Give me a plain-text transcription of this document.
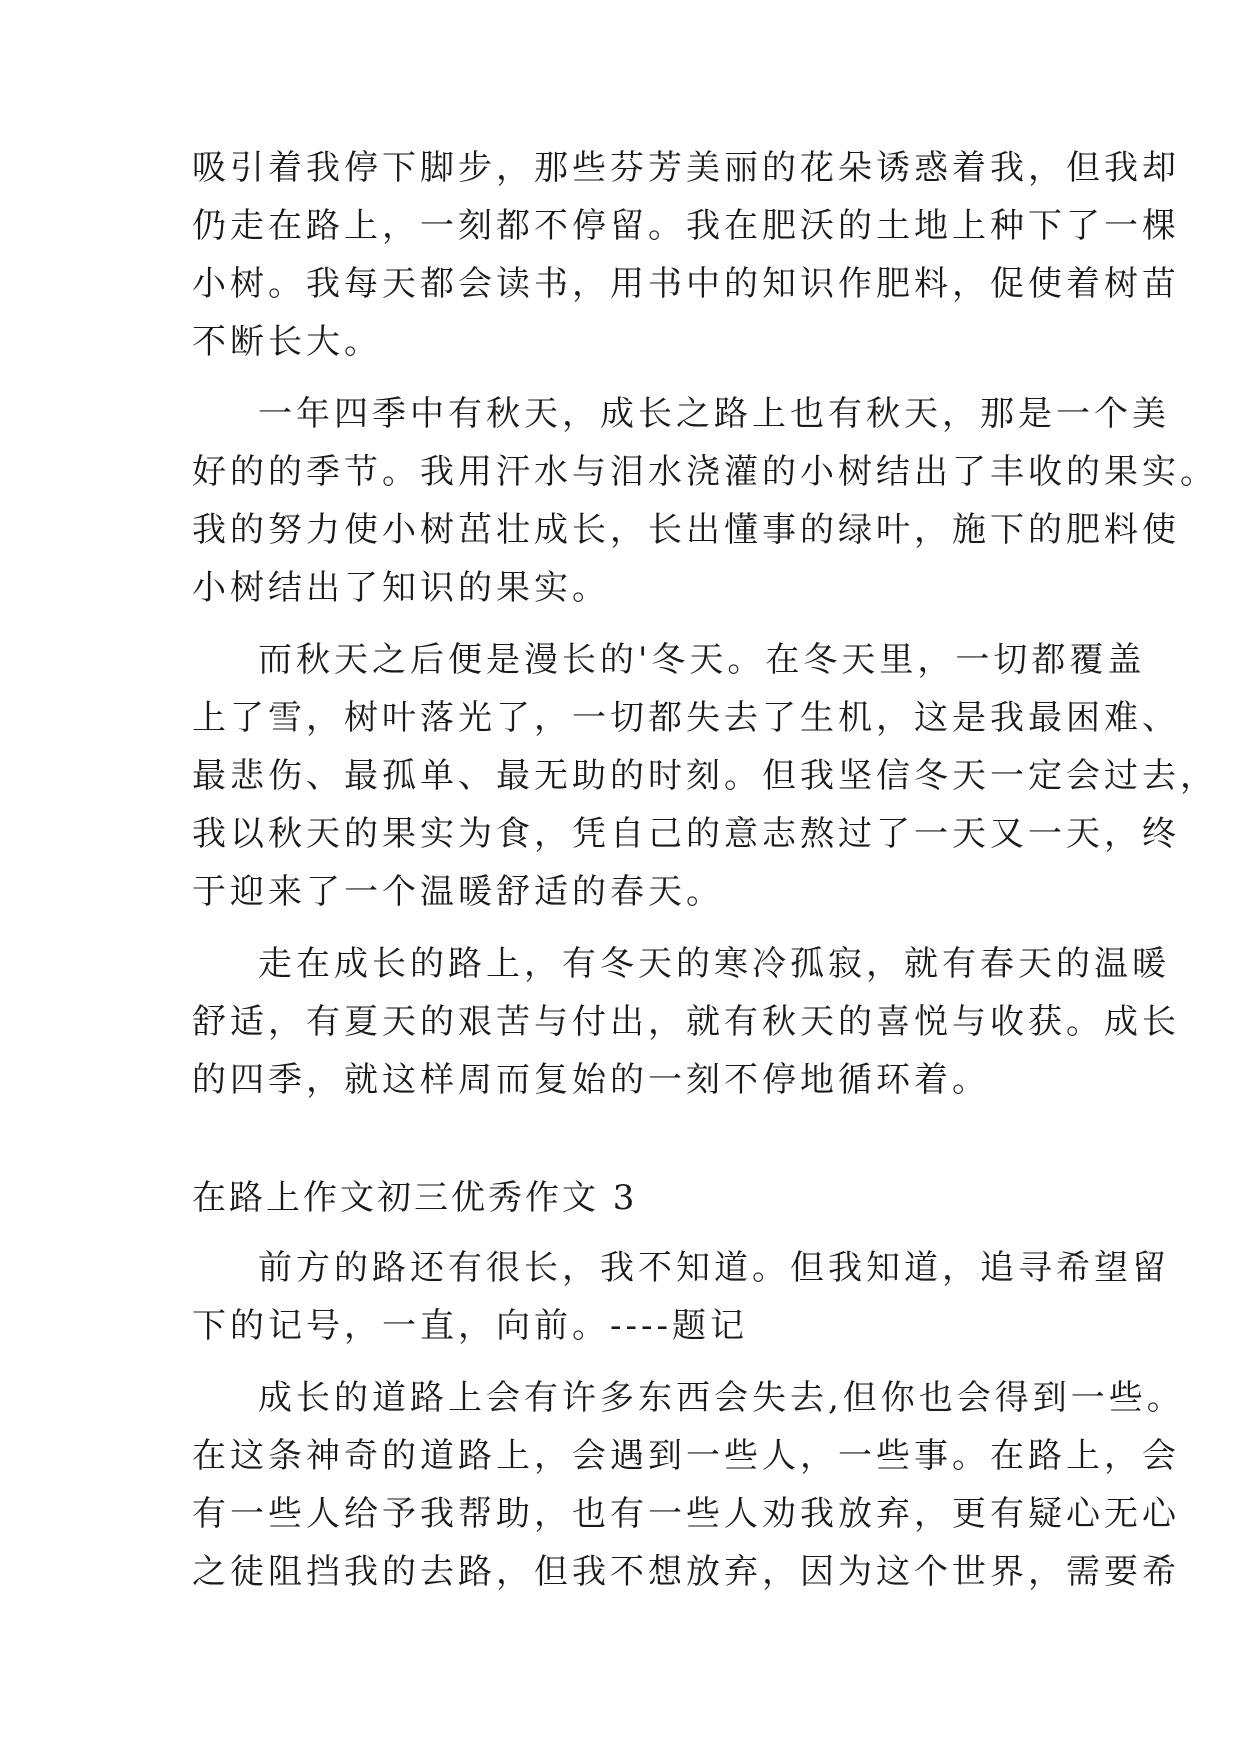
吸引着我停下脚步，那些芬芳美丽的花朵诱惑着我，但我却
仍走在路上，一刻都不停留。我在肥沃的土地上种下了一棵
小树。我每天都会读书，用书中的知识作肥料，促使着树苗
不断长大。
一年四季中有秋天，成长之路上也有秋天，那是一个美
好的的季节。我用汗水与泪水浇灌的小树结出了丰收的果实。
我的努力使小树茁壮成长，长出懂事的绿叶，施下的肥料使
小树结出了知识的果实。
而秋天之后便是漫长的'冬天。在冬天里，一切都覆盖
上了雪，树叶落光了，一切都失去了生机，这是我最困难、
最悲伤、最孤单、最无助的时刻。但我坚信冬天一定会过去，
我以秋天的果实为食，凭自己的意志熬过了一天又一天，终
于迎来了一个温暖舒适的春天。
走在成长的路上，有冬天的寒冷孤寂，就有春天的温暖
舒适，有夏天的艰苦与付出，就有秋天的喜悦与收获。成长
的四季，就这样周而复始的一刻不停地循环着。
在路上作文初三优秀作文 3
前方的路还有很长，我不知道。但我知道，追寻希望留
下的记号，一直，向前。----题记
成长的道路上会有许多东西会失去,但你也会得到一些。
在这条神奇的道路上，会遇到一些人，一些事。在路上，会
有一些人给予我帮助，也有一些人劝我放弃，更有疑心无心
之徒阻挡我的去路，但我不想放弃，因为这个世界，需要希
